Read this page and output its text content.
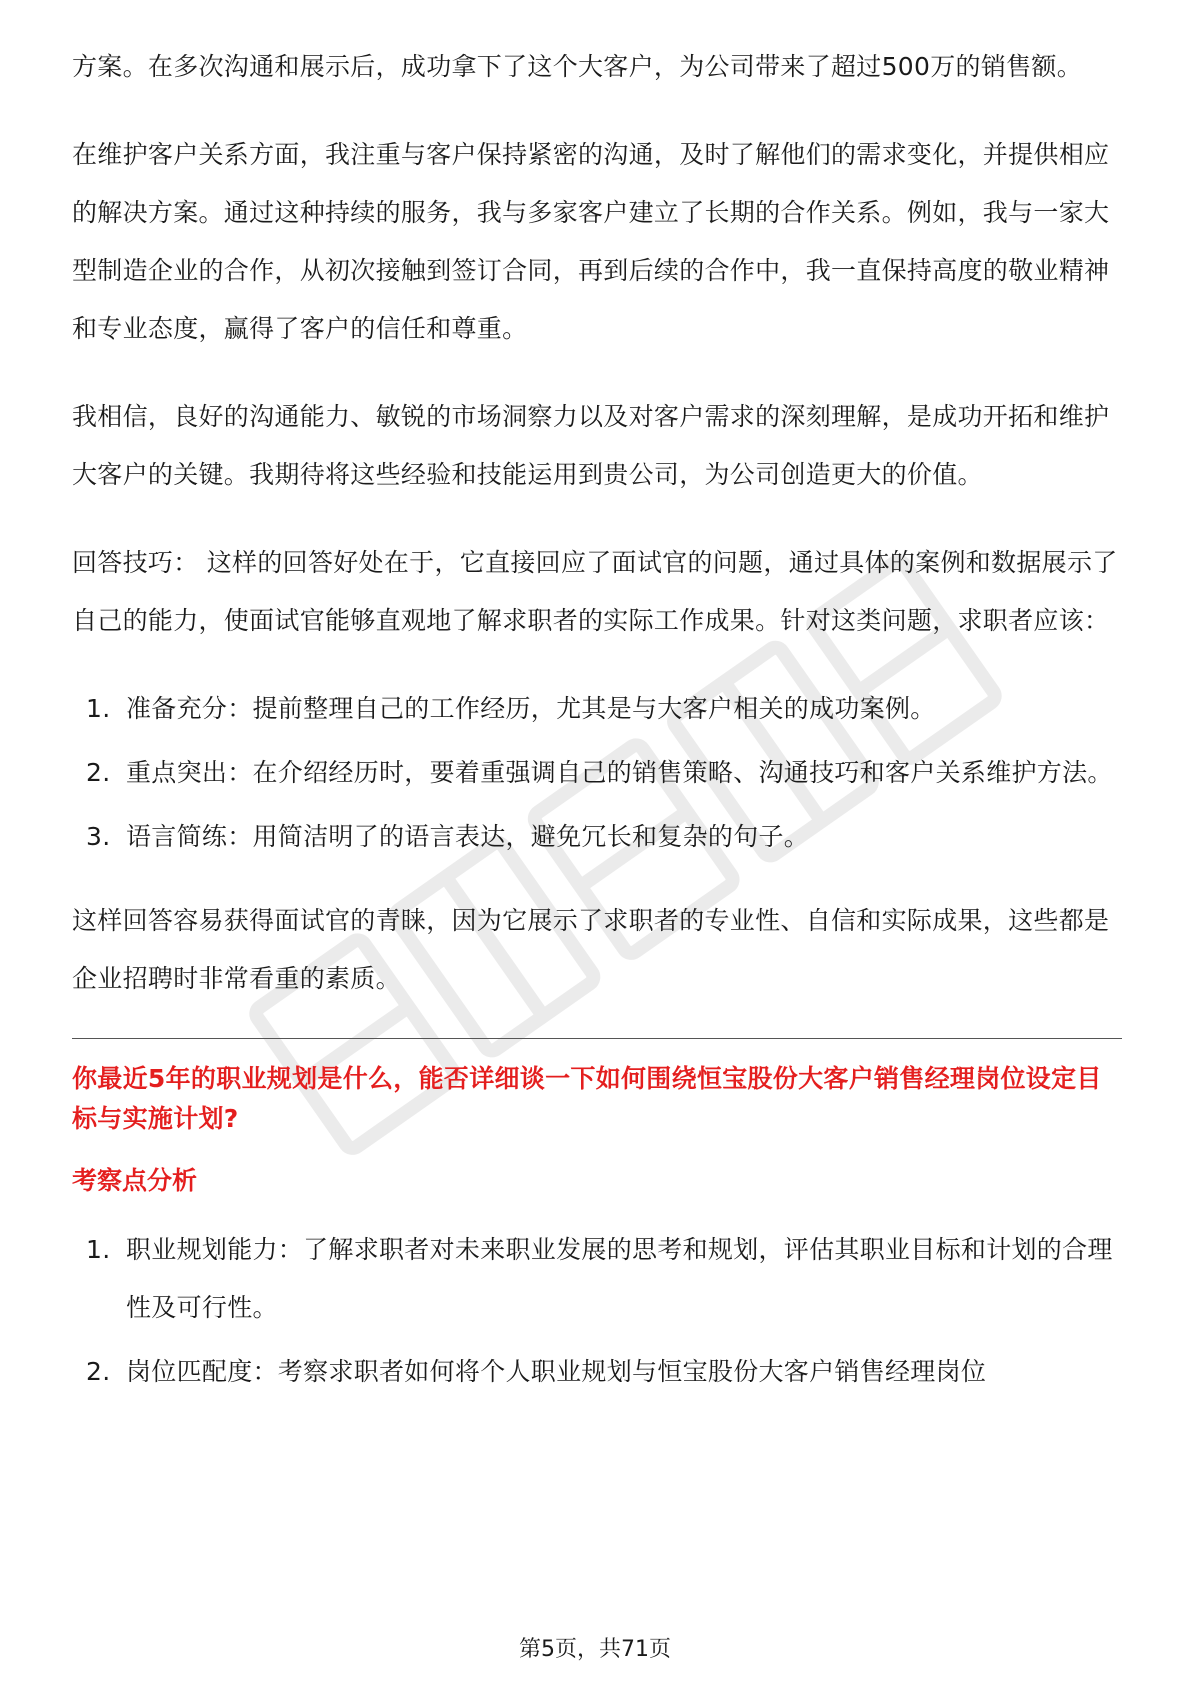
方案。在多次沟通和展示后，成功拿下了这个大客户，为公司带来了超过500万的销售额。

在维护客户关系方面，我注重与客户保持紧密的沟通，及时了解他们的需求变化，并提供相应的解决方案。通过这种持续的服务，我与多家客户建立了长期的合作关系。例如，我与一家大型制造企业的合作，从初次接触到签订合同，再到后续的合作中，我一直保持高度的敬业精神和专业态度，赢得了客户的信任和尊重。

我相信，良好的沟通能力、敏锐的市场洞察力以及对客户需求的深刻理解，是成功开拓和维护大客户的关键。我期待将这些经验和技能运用到贵公司，为公司创造更大的价值。

回答技巧： 这样的回答好处在于，它直接回应了面试官的问题，通过具体的案例和数据展示了自己的能力，使面试官能够直观地了解求职者的实际工作成果。针对这类问题，求职者应该：

1. 准备充分：提前整理自己的工作经历，尤其是与大客户相关的成功案例。
2. 重点突出：在介绍经历时，要着重强调自己的销售策略、沟通技巧和客户关系维护方法。
3. 语言简练：用简洁明了的语言表达，避免冗长和复杂的句子。

这样回答容易获得面试官的青睐，因为它展示了求职者的专业性、自信和实际成果，这些都是企业招聘时非常看重的素质。

你最近5年的职业规划是什么，能否详细谈一下如何围绕恒宝股份大客户销售经理岗位设定目标与实施计划?

考察点分析

1. 职业规划能力：了解求职者对未来职业发展的思考和规划，评估其职业目标和计划的合理性及可行性。
2. 岗位匹配度：考察求职者如何将个人职业规划与恒宝股份大客户销售经理岗位
第5页，共71页
